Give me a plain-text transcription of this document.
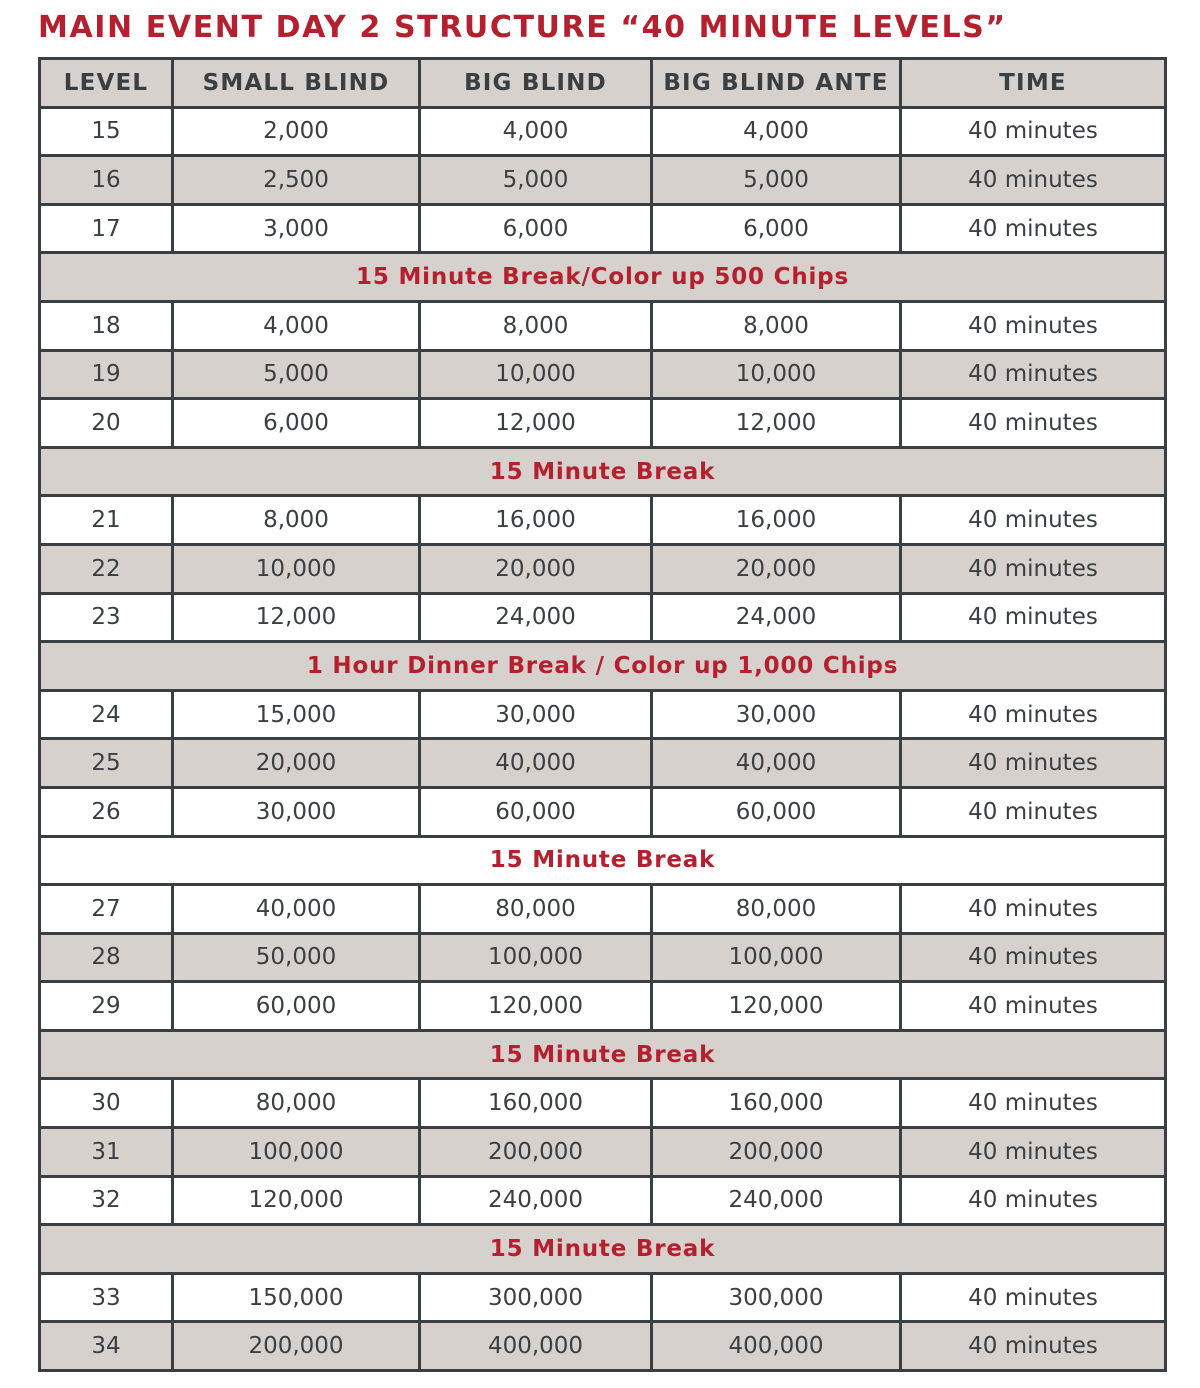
MAIN EVENT DAY 2 STRUCTURE “40 MINUTE LEVELS”
LEVEL	SMALL BLIND	BIG BLIND	BIG BLIND ANTE	TIME
15	2,000	4,000	4,000	40 minutes
16	2,500	5,000	5,000	40 minutes
17	3,000	6,000	6,000	40 minutes
15 Minute Break/Color up 500 Chips				
18	4,000	8,000	8,000	40 minutes
19	5,000	10,000	10,000	40 minutes
20	6,000	12,000	12,000	40 minutes
15 Minute Break				
21	8,000	16,000	16,000	40 minutes
22	10,000	20,000	20,000	40 minutes
23	12,000	24,000	24,000	40 minutes
1 Hour Dinner Break / Color up 1,000 Chips				
24	15,000	30,000	30,000	40 minutes
25	20,000	40,000	40,000	40 minutes
26	30,000	60,000	60,000	40 minutes
15 Minute Break				
27	40,000	80,000	80,000	40 minutes
28	50,000	100,000	100,000	40 minutes
29	60,000	120,000	120,000	40 minutes
15 Minute Break				
30	80,000	160,000	160,000	40 minutes
31	100,000	200,000	200,000	40 minutes
32	120,000	240,000	240,000	40 minutes
15 Minute Break				
33	150,000	300,000	300,000	40 minutes
34	200,000	400,000	400,000	40 minutes
